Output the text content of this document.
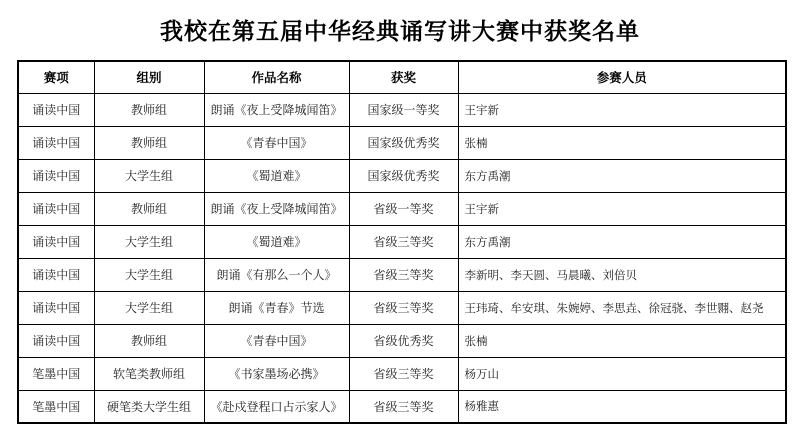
我校在第五届中华经典诵写讲大赛中获奖名单
赛项	组别	作品名称	获奖	参赛人员
诵读中国	教师组	朗诵《夜上受降城闻笛》	国家级一等奖	王宇新
诵读中国	教师组	《青春中国》	国家级优秀奖	张楠
诵读中国	大学生组	《蜀道难》	国家级优秀奖	东方禹潮
诵读中国	教师组	朗诵《夜上受降城闻笛》	省级一等奖	王宇新
诵读中国	大学生组	《蜀道难》	省级三等奖	东方禹潮
诵读中国	大学生组	朗诵《有那么一个人》	省级三等奖	李新明、李天圆、马晨曦、刘倍贝
诵读中国	大学生组	朗诵《青春》节选	省级三等奖	王玮琦、牟安琪、朱婉婷、李思垚、徐冠骁、李世翾、赵尧
诵读中国	教师组	《青春中国》	省级优秀奖	张楠
笔墨中国	软笔类教师组	《书家墨场必携》	省级三等奖	杨万山
笔墨中国	硬笔类大学生组	《赴戍登程口占示家人》	省级三等奖	杨雅惠
